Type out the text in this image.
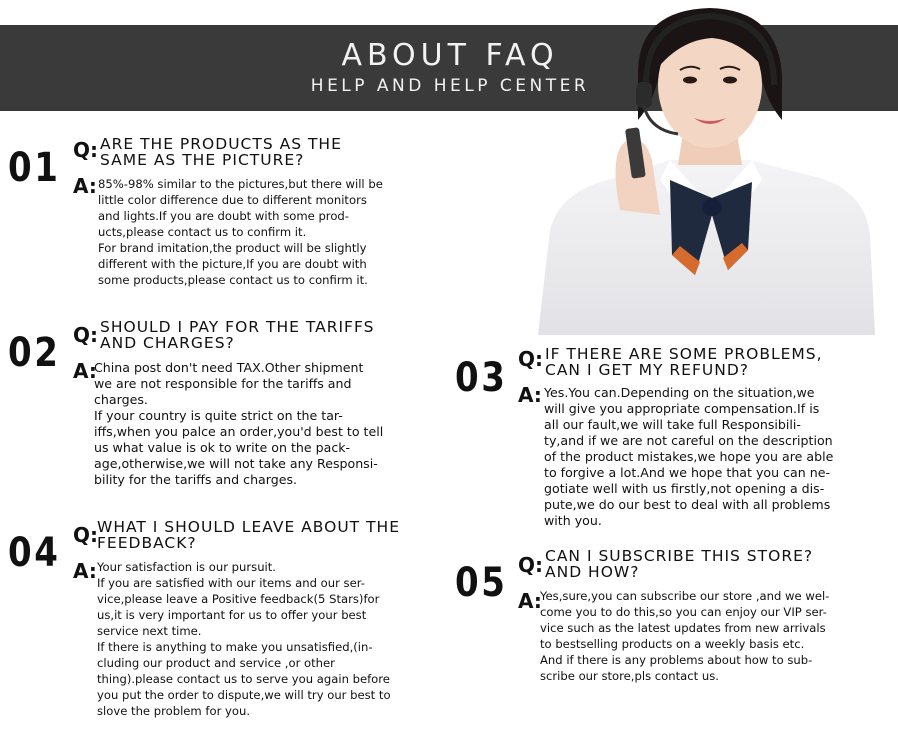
ABOUT FAQ
HELP AND HELP CENTER
01 Q:
A:
ARE THE PRODUCTS AS THE
SAME AS THE PICTURE?
85%-98% similar to the pictures,but there will be
little color difference due to different monitors
and lights.If you are doubt with some prod-
ucts,please contact us to confirm it.
For brand imitation,the product will be slightly
different with the picture,If you are doubt with
some products,please contact us to confirm it.
02 Q:
A:
SHOULD I PAY FOR THE TARIFFS
AND CHARGES?
China post don't need TAX.Other shipment
we are not responsible for the tariffs and
charges.
If your country is quite strict on the tar-
iffs,when you palce an order,you'd best to tell
us what value is ok to write on the pack-
age,otherwise,we will not take any Responsi-
bility for the tariffs and charges.
03 Q:
A:
IF THERE ARE SOME PROBLEMS,
CAN I GET MY REFUND?
Yes.You can.Depending on the situation,we
will give you appropriate compensation.If is
all our fault,we will take full Responsibili-
ty,and if we are not careful on the description
of the product mistakes,we hope you are able
to forgive a lot.And we hope that you can ne-
gotiate well with us firstly,not opening a dis-
pute,we do our best to deal with all problems
with you.
04 Q:
A:
WHAT I SHOULD LEAVE ABOUT THE
FEEDBACK?
Your satisfaction is our pursuit.
If you are satisfied with our items and our ser-
vice,please leave a Positive feedback(5 Stars)for
us,it is very important for us to offer your best
service next time.
If there is anything to make you unsatisfied,(in-
cluding our product and service ,or other
thing).please contact us to serve you again before
you put the order to dispute,we will try our best to
slove the problem for you.
05 Q:
A:
CAN I SUBSCRIBE THIS STORE?
AND HOW?
Yes,sure,you can subscribe our store ,and we wel-
come you to do this,so you can enjoy our VIP ser-
vice such as the latest updates from new arrivals
to bestselling products on a weekly basis etc.
And if there is any problems about how to sub-
scribe our store,pls contact us.
